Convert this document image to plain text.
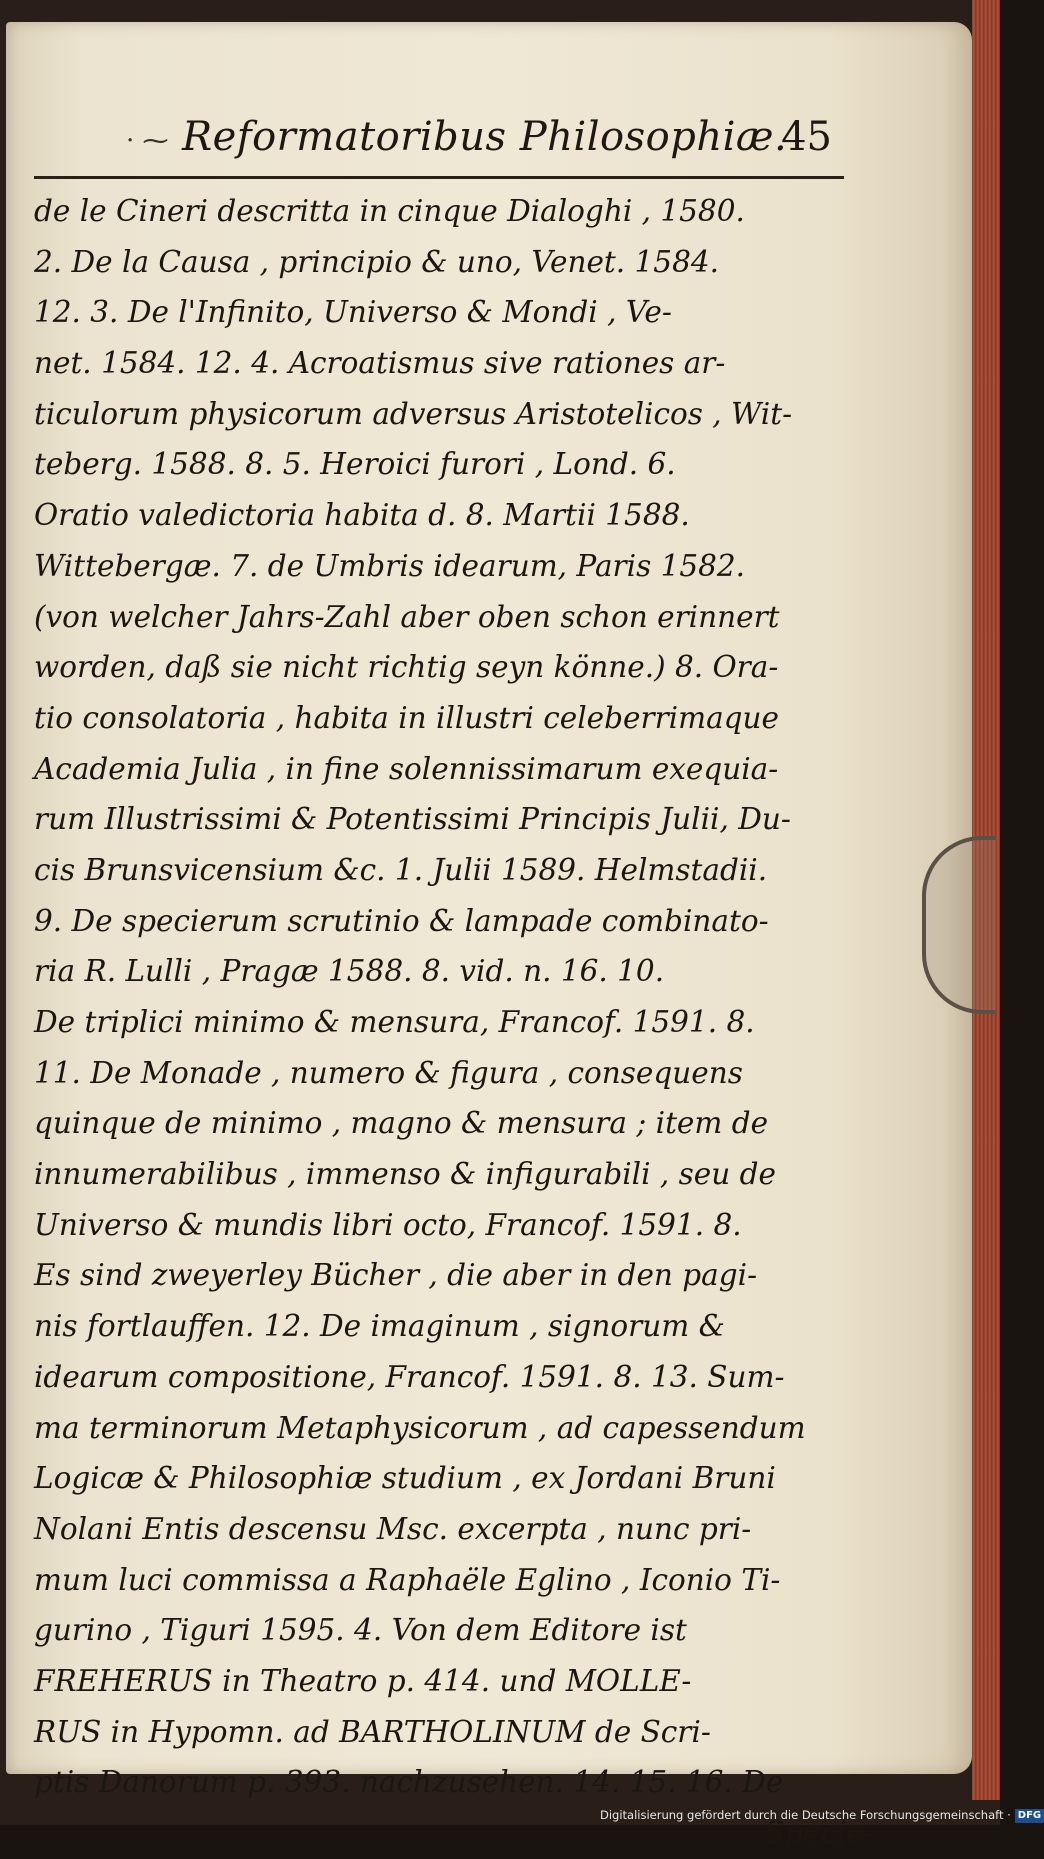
· ⁓ Reformatoribus Philosophiæ.
45
de le Cineri descritta in cinque Dialoghi , 1580.
2. De la Causa , principio & uno, Venet. 1584.
12. 3. De l'Infinito, Universo & Mondi , Ve-
net. 1584. 12. 4. Acroatismus sive rationes ar-
ticulorum physicorum adversus Aristotelicos , Wit-
teberg. 1588. 8. 5. Heroici furori , Lond. 6.
Oratio valedictoria habita d. 8. Martii 1588.
Wittebergæ. 7. de Umbris idearum, Paris 1582.
(von welcher Jahrs-Zahl aber oben schon erinnert
worden, daß sie nicht richtig seyn könne.) 8. Ora-
tio consolatoria , habita in illustri celeberrimaque
Academia Julia , in fine solennissimarum exequia-
rum Illustrissimi & Potentissimi Principis Julii, Du-
cis Brunsvicensium &c. 1. Julii 1589. Helmstadii.
9. De specierum scrutinio & lampade combinato-
ria R. Lulli , Pragæ 1588. 8. vid. n. 16. 10.
De triplici minimo & mensura, Francof. 1591. 8.
11. De Monade , numero & figura , consequens
quinque de minimo , magno & mensura ; item de
innumerabilibus , immenso & infigurabili , seu de
Universo & mundis libri octo, Francof. 1591. 8.
Es sind zweyerley Bücher , die aber in den pagi-
nis fortlauffen. 12. De imaginum , signorum &
idearum compositione, Francof. 1591. 8. 13. Sum-
ma terminorum Metaphysicorum , ad capessendum
Logicæ & Philosophiæ studium , ex Jordani Bruni
Nolani Entis descensu Msc. excerpta , nunc pri-
mum luci commissa a Raphaële Eglino , Iconio Ti-
gurino , Tiguri 1595. 4. Von dem Editore ist
FREHERUS in Theatro p. 414. und MOLLE-
RUS in Hypomn. ad BARTHOLINUM de Scri-
ptis Danorum p. 393. nachzusehen. 14. 15. 16. De
Specie-
Digitalisierung gefördert durch die Deutsche Forschungsgemeinschaft · DFG
